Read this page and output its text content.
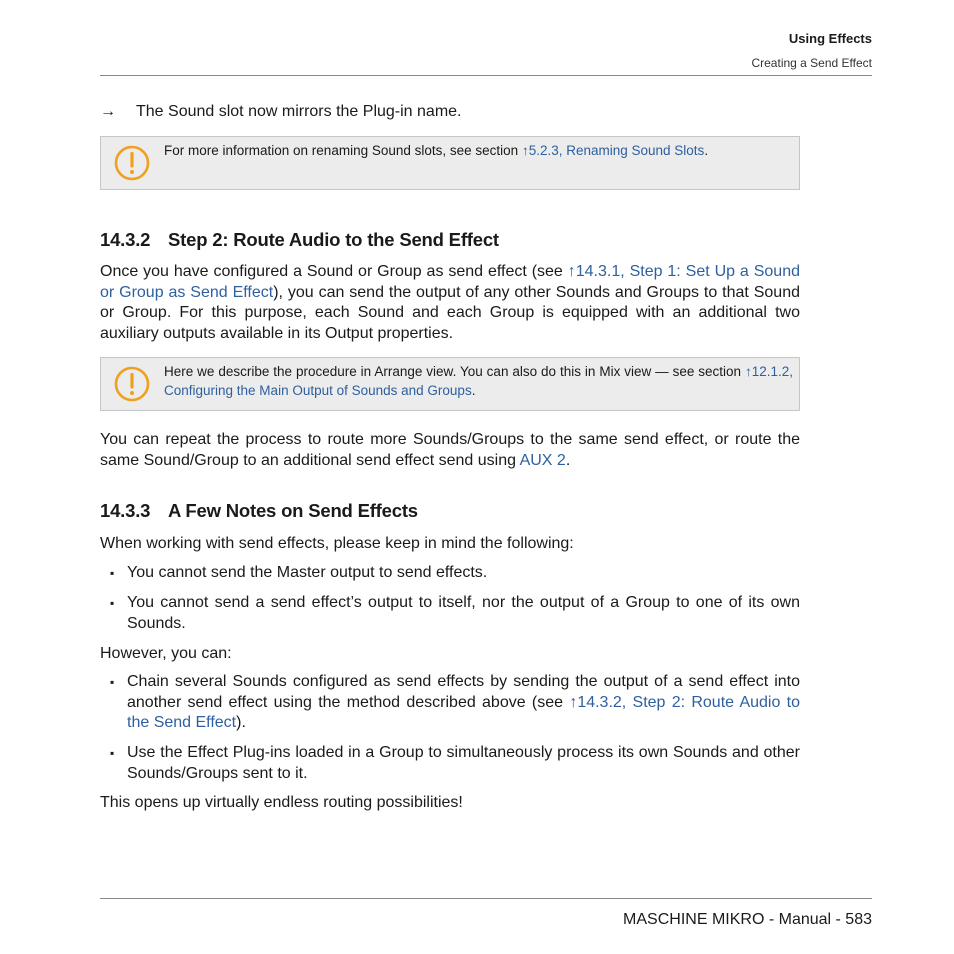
Using Effects
Creating a Send Effect
→ The Sound slot now mirrors the Plug-in name.
For more information on renaming Sound slots, see section ↑5.2.3, Renaming Sound Slots.
14.3.2 Step 2: Route Audio to the Send Effect
Once you have configured a Sound or Group as send effect (see ↑14.3.1, Step 1: Set Up a Sound or Group as Send Effect), you can send the output of any other Sounds and Groups to that Sound or Group. For this purpose, each Sound and each Group is equipped with an additional two auxiliary outputs available in its Output properties.
Here we describe the procedure in Arrange view. You can also do this in Mix view — see section ↑12.1.2, Configuring the Main Output of Sounds and Groups.
You can repeat the process to route more Sounds/Groups to the same send effect, or route the same Sound/Group to an additional send effect send using AUX 2.
14.3.3 A Few Notes on Send Effects
When working with send effects, please keep in mind the following:
▪ You cannot send the Master output to send effects.
▪ You cannot send a send effect’s output to itself, nor the output of a Group to one of its own Sounds.
However, you can:
▪ Chain several Sounds configured as send effects by sending the output of a send effect into another send effect using the method described above (see ↑14.3.2, Step 2: Route Audio to the Send Effect).
▪ Use the Effect Plug-ins loaded in a Group to simultaneously process its own Sounds and other Sounds/Groups sent to it.
This opens up virtually endless routing possibilities!
MASCHINE MIKRO - Manual - 583
